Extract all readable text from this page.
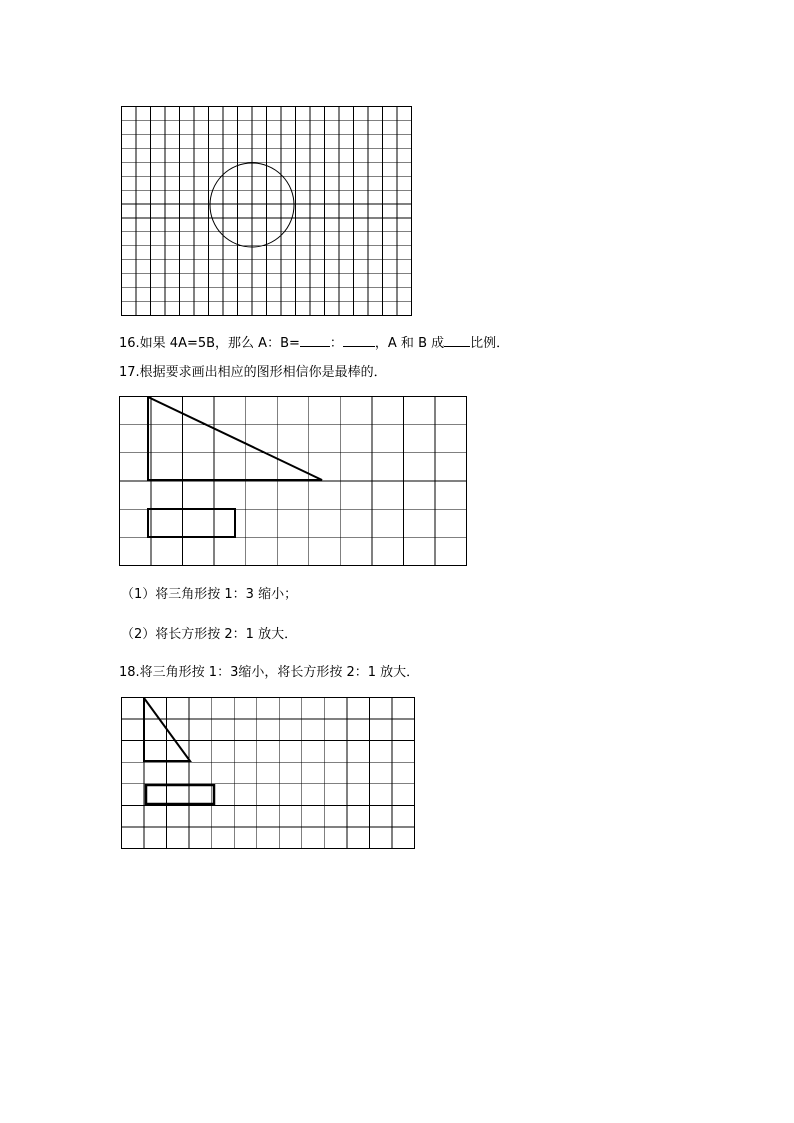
16.如果 4A=5B，那么 A：B= ： ，A 和 B 成 比例．
17.根据要求画出相应的图形相信你是最棒的．
（1）将三角形按 1：3 缩小；
（2）将长方形按 2：1 放大．
18.将三角形按 1：3缩小，将长方形按 2：1 放大．
